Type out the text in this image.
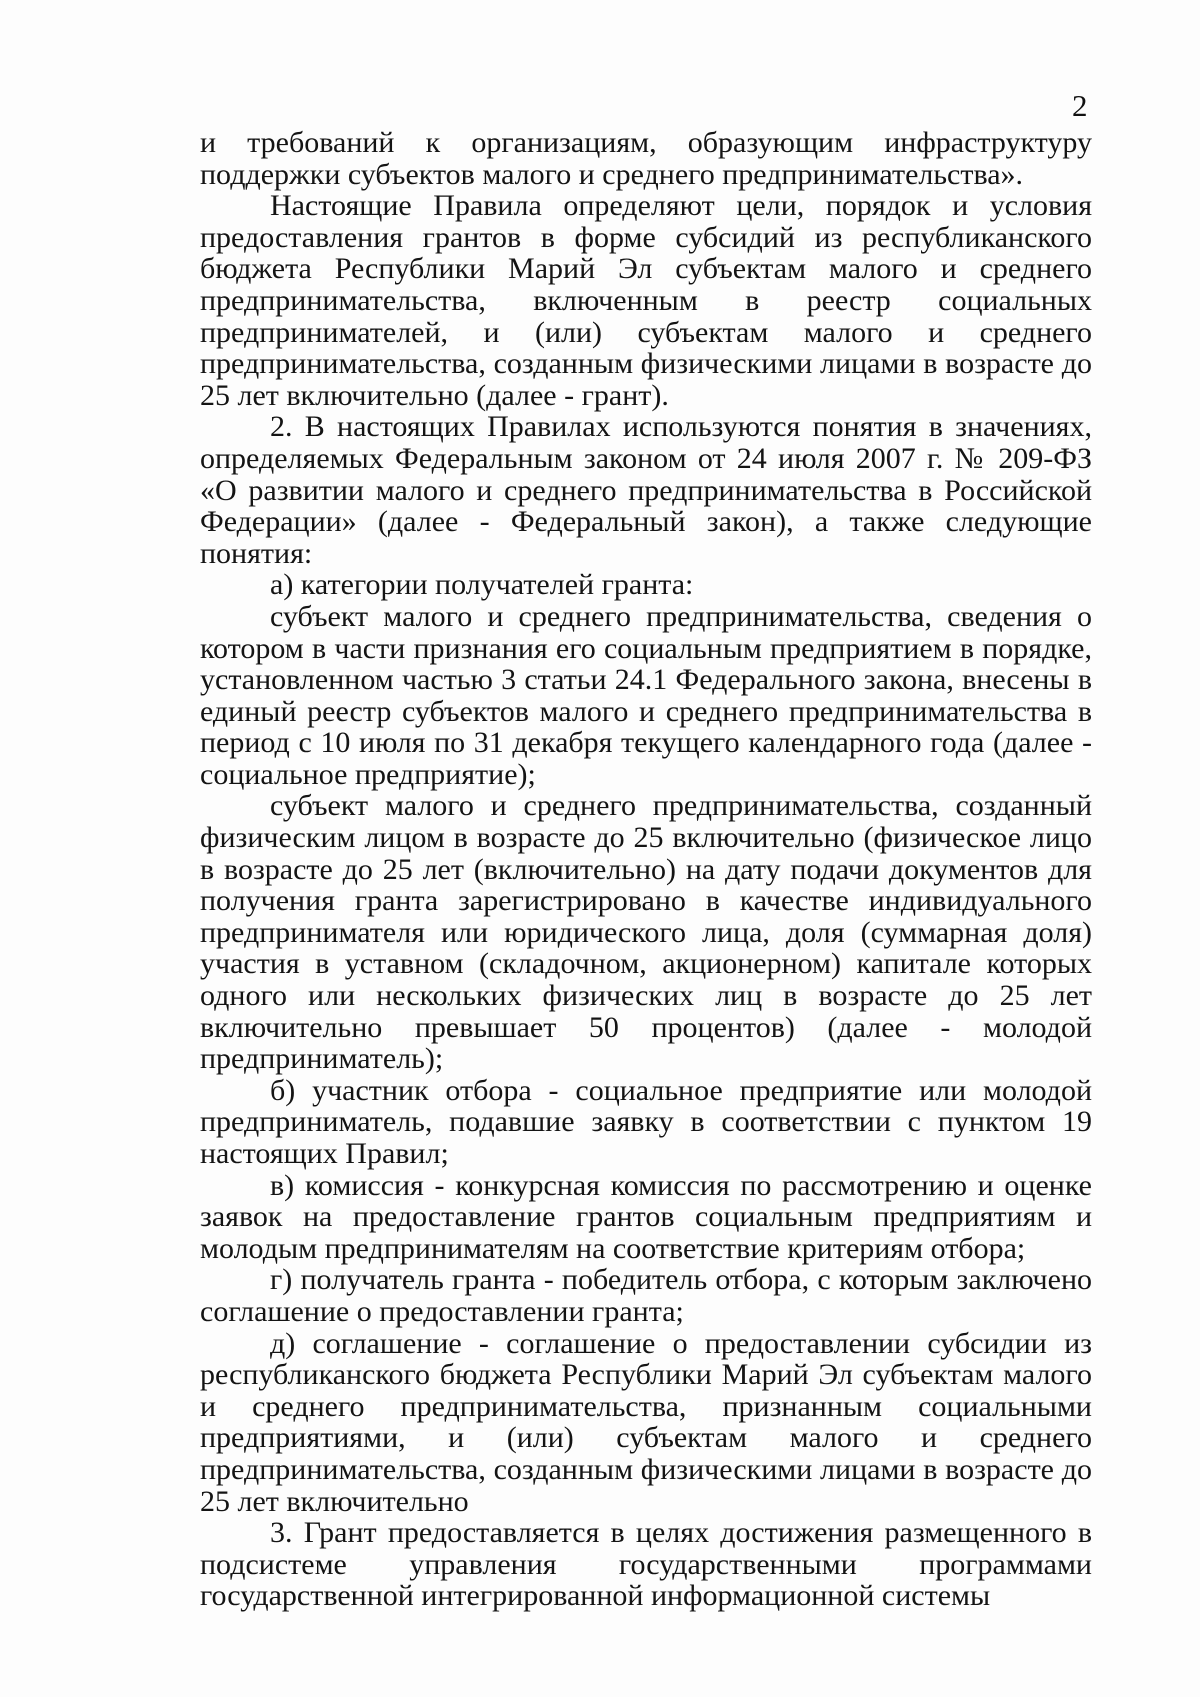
2

и требований к организациям, образующим инфраструктуру поддержки субъектов малого и среднего предпринимательства».

Настоящие Правила определяют цели, порядок и условия предоставления грантов в форме субсидий из республиканского бюджета Республики Марий Эл субъектам малого и среднего предпринимательства, включенным в реестр социальных предпринимателей, и (или) субъектам малого и среднего предпринимательства, созданным физическими лицами в возрасте до 25 лет включительно (далее - грант).

2. В настоящих Правилах используются понятия в значениях, определяемых Федеральным законом от 24 июля 2007 г. № 209-ФЗ «О развитии малого и среднего предпринимательства в Российской Федерации» (далее - Федеральный закон), а также следующие понятия:

а) категории получателей гранта:

субъект малого и среднего предпринимательства, сведения о котором в части признания его социальным предприятием в порядке, установленном частью 3 статьи 24.1 Федерального закона, внесены в единый реестр субъектов малого и среднего предпринимательства в период с 10 июля по 31 декабря текущего календарного года (далее - социальное предприятие);

субъект малого и среднего предпринимательства, созданный физическим лицом в возрасте до 25 включительно (физическое лицо в возрасте до 25 лет (включительно) на дату подачи документов для получения гранта зарегистрировано в качестве индивидуального предпринимателя или юридического лица, доля (суммарная доля) участия в уставном (складочном, акционерном) капитале которых одного или нескольких физических лиц в возрасте до 25 лет включительно превышает 50 процентов) (далее - молодой предприниматель);

б) участник отбора - социальное предприятие или молодой предприниматель, подавшие заявку в соответствии с пунктом 19 настоящих Правил;

в) комиссия - конкурсная комиссия по рассмотрению и оценке заявок на предоставление грантов социальным предприятиям и молодым предпринимателям на соответствие критериям отбора;

г) получатель гранта - победитель отбора, с которым заключено соглашение о предоставлении гранта;

д) соглашение - соглашение о предоставлении субсидии из республиканского бюджета Республики Марий Эл субъектам малого и среднего предпринимательства, признанным социальными предприятиями, и (или) субъектам малого и среднего предпринимательства, созданным физическими лицами в возрасте до 25 лет включительно

3. Грант предоставляется в целях достижения размещенного в подсистеме управления государственными программами государственной интегрированной информационной системы
